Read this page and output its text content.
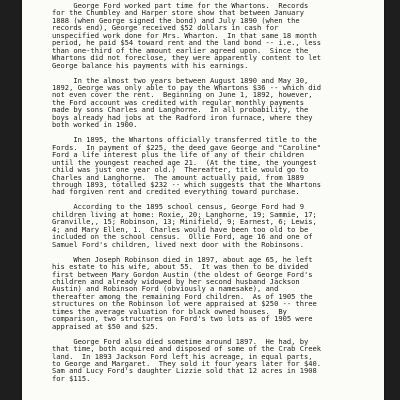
George Ford worked part time for the Whartons.  Records
for the Chumbley and Harper store show that between January
1888 (when George signed the bond) and July 1890 (when the
records end), George received $52 dollars in cash for
unspecified work done for Mrs. Wharton.  In that same 18 month
period, he paid $54 toward rent and the land bond -- i.e., less
than one-third of the amount earlier agreed upon.  Since the
Whartons did not foreclose, they were apparently content to let
George balance his payments with his earnings.
In the almost two years between August 1890 and May 30,
1892, George was only able to pay the Whartons $36 -- which did
not even cover the rent.  Beginning on June 1, 1892, however,
the Ford account was credited with regular monthly payments
made by sons Charles and Langhorne.  In all probability, the
boys already had jobs at the Radford iron furnace, where they
both worked in 1900.
In 1895, the Whartons officially transferred title to the
Fords.  In payment of $225, the deed gave George and "Caroline"
Ford a life interest plus the life of any of their children
until the youngest reached age 21.  (At the time, the youngest
child was just one year old.)  Thereafter, title would go to
Charles and Langhorne.  The amount actually paid, from 1889
through 1893, totalled $232 -- which suggests that the Whartons
had forgiven rent and credited everything toward purchase.
According to the 1895 school census, George Ford had 9
children living at home: Roxie, 20; Langhorne, 19; Sammie, 17;
Granville,, 15; Robinson, 13; Minifield, 9; Earnest, 6; Lewis,
4; and Mary Ellen, 1.  Charles would have been too old to be
included on the school census.  Ollie Ford, age 16 and one of
Samuel Ford's children, lived next door with the Robinsons.
When Joseph Robinson died in 1897, about age 65, he left
his estate to his wife, about 55.  It was then to be divided
first between Mary Gordon Austin (the oldest of George Ford's
children and already widowed by her second husband Jackson
Austin) and Robinson Ford (obviously a namesake), and
thereafter among the remaining Ford children.  As of 1905 the
structures on the Robinson lot were appraised at $250 -- three
times the average valuation for black owned houses.  By
comparison, two structures on Ford's two lots as of 1905 were
appraised at $50 and $25.
George Ford also died sometime around 1897.  He had, by
that time, both acquired and disposed of some of the Crab Creek
land.  In 1893 Jackson Ford left his acreage, in equal parts,
to George and Margaret.  They sold it four years later for $40.
Sam and Lucy Ford's daughter Lizzie sold that 12 acres in 1908
for $115.
